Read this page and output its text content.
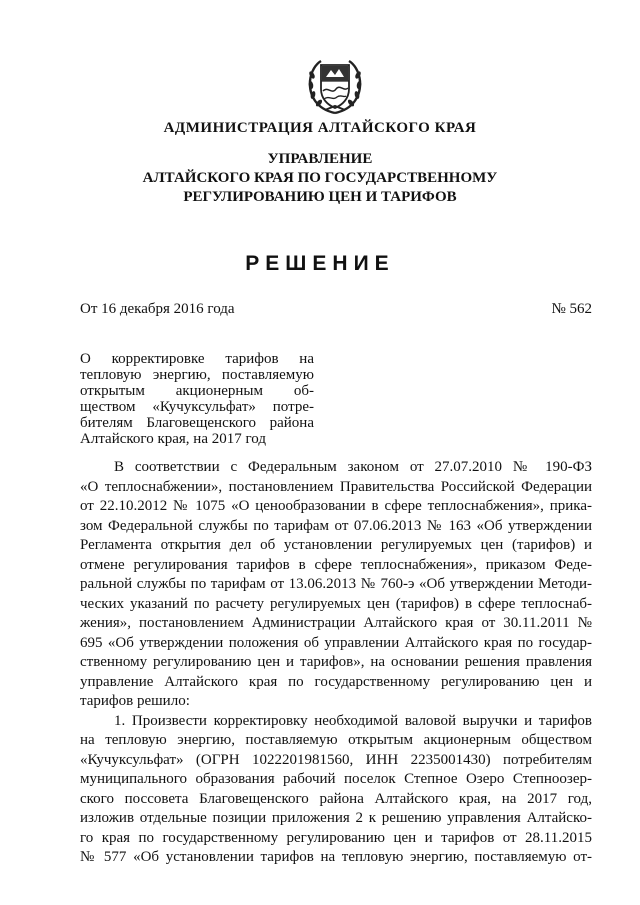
АДМИНИСТРАЦИЯ АЛТАЙСКОГО КРАЯ
УПРАВЛЕНИЕ
АЛТАЙСКОГО КРАЯ ПО ГОСУДАРСТВЕННОМУ
РЕГУЛИРОВАНИЮ ЦЕН И ТАРИФОВ
РЕШЕНИЕ
От 16 декабря 2016 года	№ 562
О корректировке тарифов на
тепловую энергию, поставляемую
открытым акционерным об-
ществом «Кучуксульфат» потре-
бителям Благовещенского района
Алтайского края, на 2017 год
В соответствии с Федеральным законом от 27.07.2010 № 190-ФЗ
«О теплоснабжении», постановлением Правительства Российской Федерации
от 22.10.2012 № 1075 «О ценообразовании в сфере теплоснабжения», прика-
зом Федеральной службы по тарифам от 07.06.2013 № 163 «Об утверждении
Регламента открытия дел об установлении регулируемых цен (тарифов) и
отмене регулирования тарифов в сфере теплоснабжения», приказом Феде-
ральной службы по тарифам от 13.06.2013 № 760-э «Об утверждении Методи-
ческих указаний по расчету регулируемых цен (тарифов) в сфере теплоснаб-
жения», постановлением Администрации Алтайского края от 30.11.2011 №
695 «Об утверждении положения об управлении Алтайского края по государ-
ственному регулированию цен и тарифов», на основании решения правления
управление Алтайского края по государственному регулированию цен и
тарифов решило:
1. Произвести корректировку необходимой валовой выручки и тарифов
на тепловую энергию, поставляемую открытым акционерным обществом
«Кучуксульфат» (ОГРН 1022201981560, ИНН 2235001430) потребителям
муниципального образования рабочий поселок Степное Озеро Степноозер-
ского поссовета Благовещенского района Алтайского края, на 2017 год,
изложив отдельные позиции приложения 2 к решению управления Алтайско-
го края по государственному регулированию цен и тарифов от 28.11.2015
№ 577 «Об установлении тарифов на тепловую энергию, поставляемую от-
